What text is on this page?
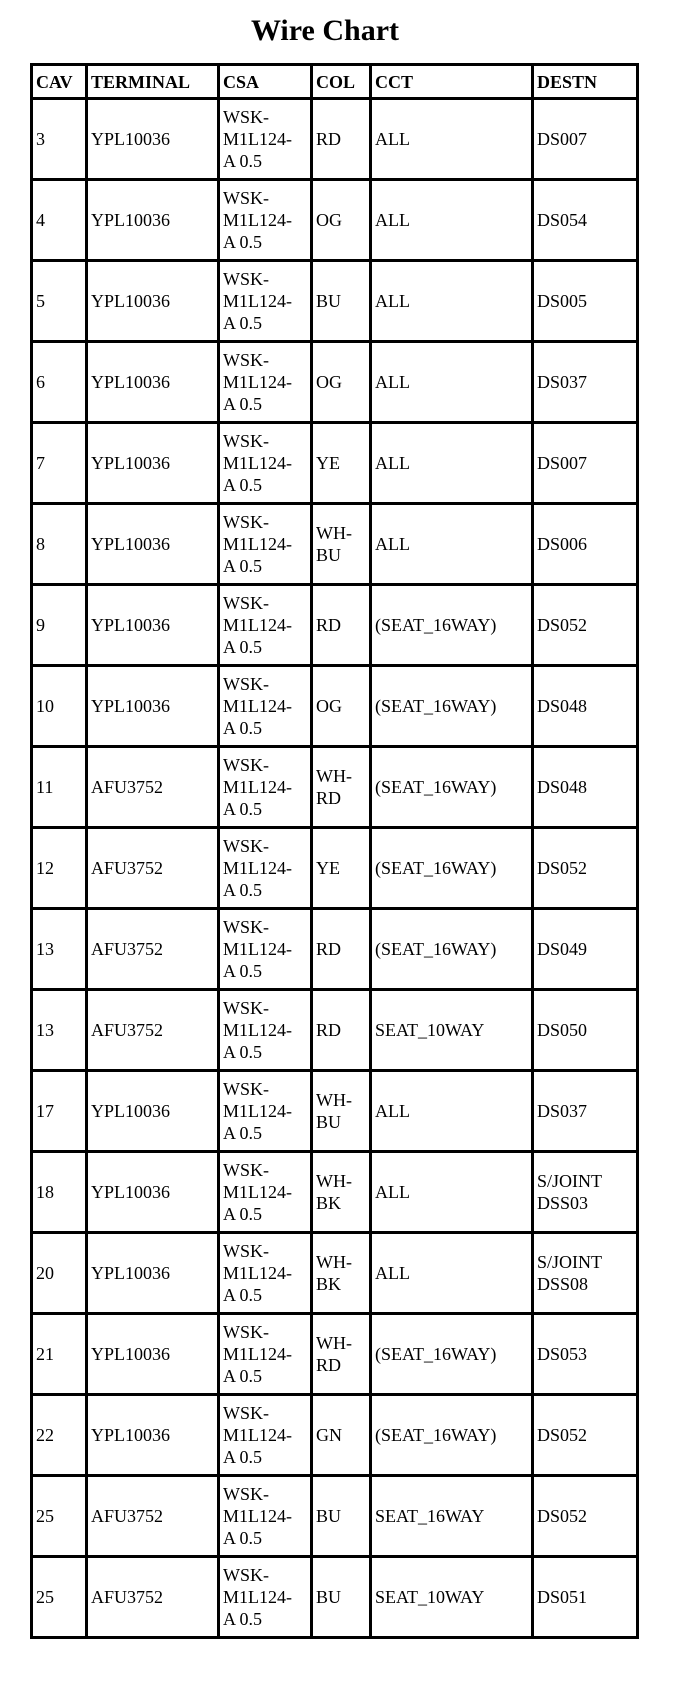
Wire Chart
CAV	TERMINAL	CSA	COL	CCT	DESTN
3	YPL10036	WSK-
M1L124-
A 0.5	RD	ALL	DS007
4	YPL10036	WSK-
M1L124-
A 0.5	OG	ALL	DS054
5	YPL10036	WSK-
M1L124-
A 0.5	BU	ALL	DS005
6	YPL10036	WSK-
M1L124-
A 0.5	OG	ALL	DS037
7	YPL10036	WSK-
M1L124-
A 0.5	YE	ALL	DS007
8	YPL10036	WSK-
M1L124-
A 0.5	WH-
BU	ALL	DS006
9	YPL10036	WSK-
M1L124-
A 0.5	RD	(SEAT_16WAY)	DS052
10	YPL10036	WSK-
M1L124-
A 0.5	OG	(SEAT_16WAY)	DS048
11	AFU3752	WSK-
M1L124-
A 0.5	WH-
RD	(SEAT_16WAY)	DS048
12	AFU3752	WSK-
M1L124-
A 0.5	YE	(SEAT_16WAY)	DS052
13	AFU3752	WSK-
M1L124-
A 0.5	RD	(SEAT_16WAY)	DS049
13	AFU3752	WSK-
M1L124-
A 0.5	RD	SEAT_10WAY	DS050
17	YPL10036	WSK-
M1L124-
A 0.5	WH-
BU	ALL	DS037
18	YPL10036	WSK-
M1L124-
A 0.5	WH-
BK	ALL	S/JOINT
DSS03
20	YPL10036	WSK-
M1L124-
A 0.5	WH-
BK	ALL	S/JOINT
DSS08
21	YPL10036	WSK-
M1L124-
A 0.5	WH-
RD	(SEAT_16WAY)	DS053
22	YPL10036	WSK-
M1L124-
A 0.5	GN	(SEAT_16WAY)	DS052
25	AFU3752	WSK-
M1L124-
A 0.5	BU	SEAT_16WAY	DS052
25	AFU3752	WSK-
M1L124-
A 0.5	BU	SEAT_10WAY	DS051
